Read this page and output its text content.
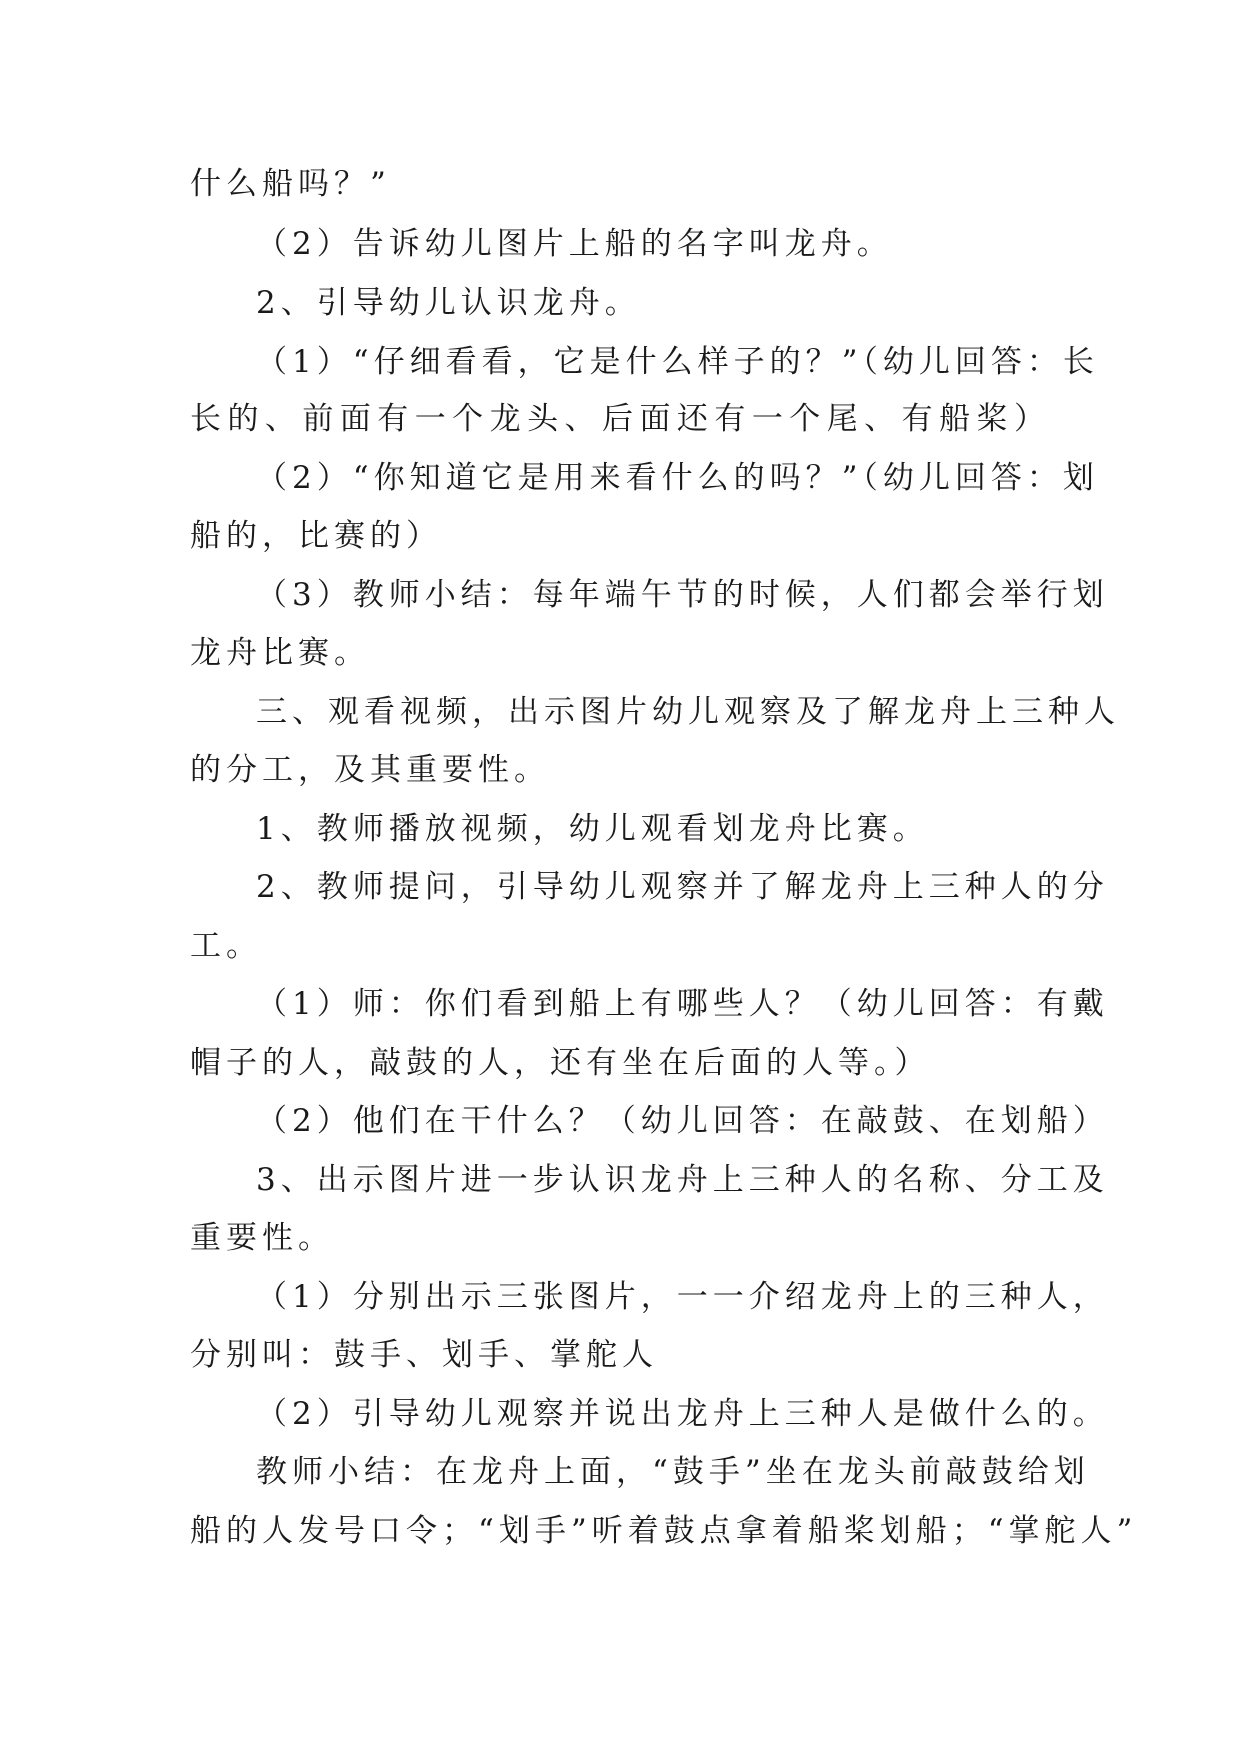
什么船吗？”
（2）告诉幼儿图片上船的名字叫龙舟。
2、引导幼儿认识龙舟。
（1）“仔细看看，它是什么样子的？”（幼儿回答：长
长的、前面有一个龙头、后面还有一个尾、有船桨）
（2）“你知道它是用来看什么的吗？”（幼儿回答：划
船的，比赛的）
（3）教师小结：每年端午节的时候，人们都会举行划
龙舟比赛。
三、观看视频，出示图片幼儿观察及了解龙舟上三种人
的分工，及其重要性。
1、教师播放视频，幼儿观看划龙舟比赛。
2、教师提问，引导幼儿观察并了解龙舟上三种人的分
工。
（1）师：你们看到船上有哪些人？（幼儿回答：有戴
帽子的人，敲鼓的人，还有坐在后面的人等。）
（2）他们在干什么？（幼儿回答：在敲鼓、在划船）
3、出示图片进一步认识龙舟上三种人的名称、分工及
重要性。
（1）分别出示三张图片，一一介绍龙舟上的三种人，
分别叫：鼓手、划手、掌舵人
（2）引导幼儿观察并说出龙舟上三种人是做什么的。
教师小结：在龙舟上面，“鼓手”坐在龙头前敲鼓给划
船的人发号口令；“划手”听着鼓点拿着船桨划船；“掌舵人”
